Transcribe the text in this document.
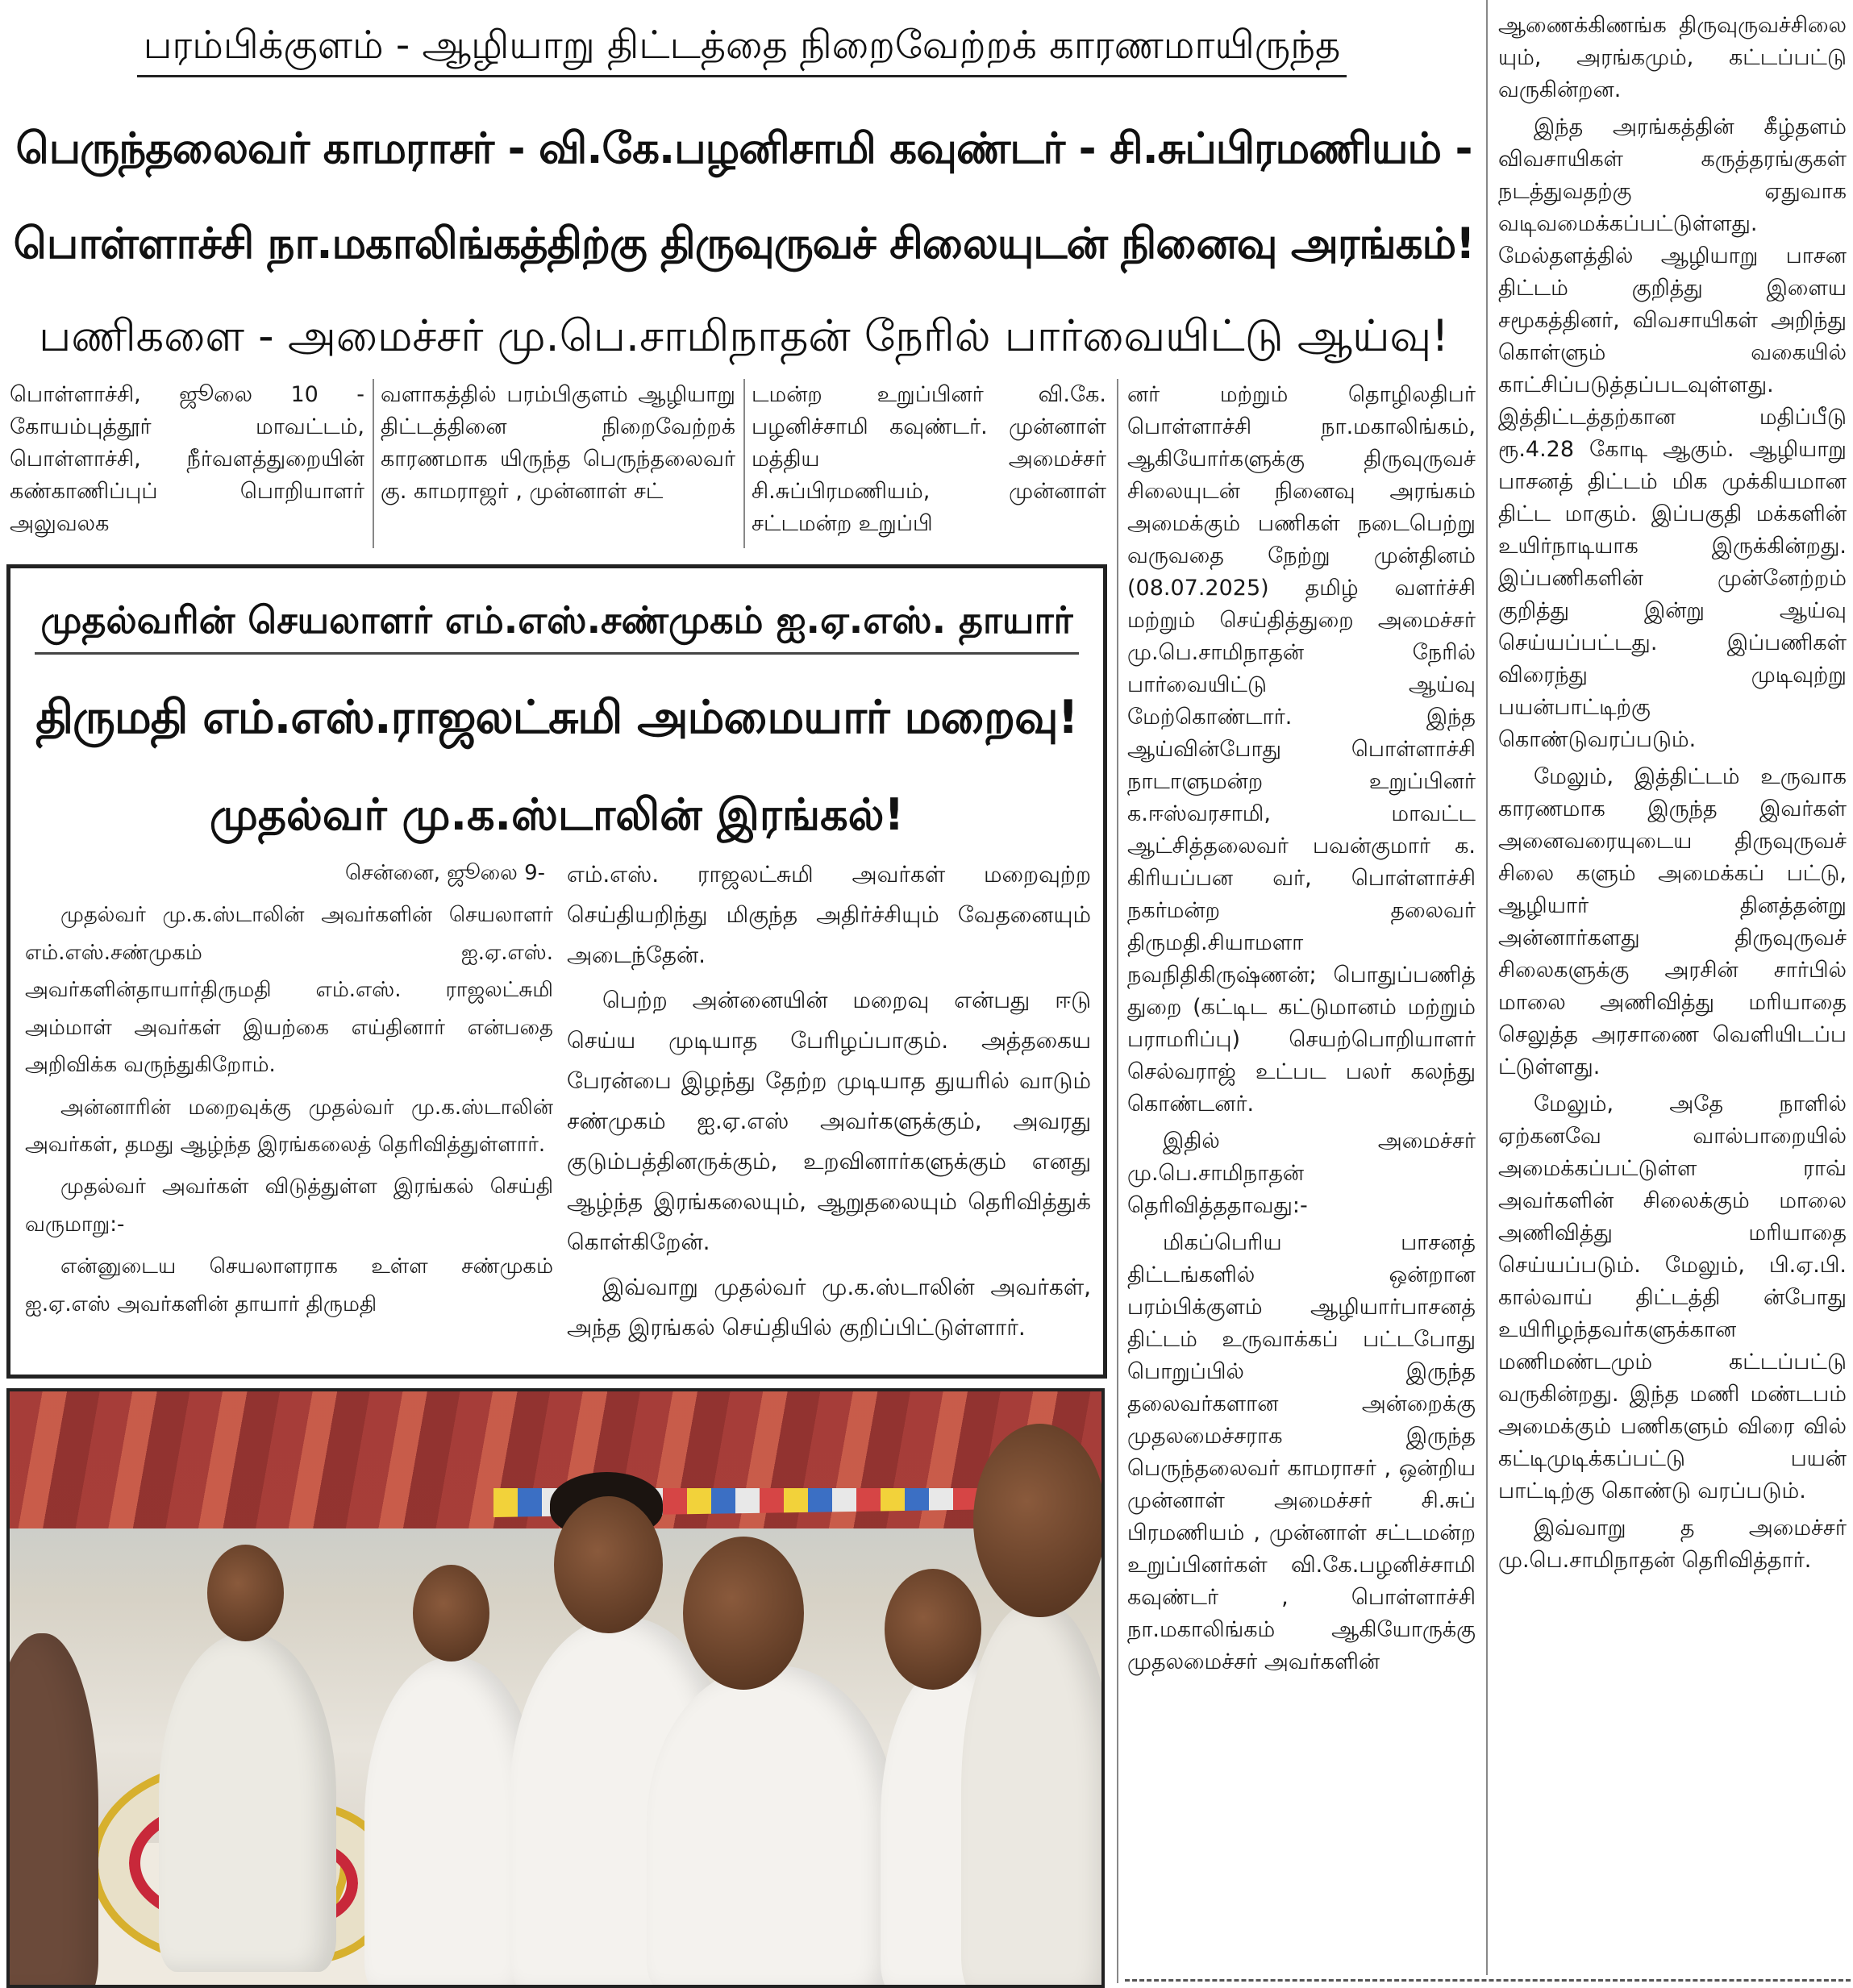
பரம்பிக்குளம் - ஆழியாறு திட்டத்தை நிறைவேற்றக் காரணமாயிருந்த
பெருந்தலைவர் காமராசர் - வி.கே.பழனிசாமி கவுண்டர் - சி.சுப்பிரமணியம் -
பொள்ளாச்சி நா.மகாலிங்கத்திற்கு திருவுருவச் சிலையுடன் நினைவு அரங்கம்!
பணிகளை - அமைச்சர் மு.பெ.சாமிநாதன் நேரில் பார்வையிட்டு ஆய்வு!

பொள்ளாச்சி, ஜூலை 10 - கோயம்புத்தூர் மாவட்டம், பொள்ளாச்சி, நீர்வளத்துறையின் கண்காணிப்புப் பொறியாளர் அலுவலக

வளாகத்தில் பரம்பிகுளம் ஆழியாறு திட்டத்தினை நிறைவேற்றக் காரணமாக யிருந்த பெருந்தலைவர் கு. காமராஜர் , முன்னாள் சட்

டமன்ற உறுப்பினர் வி.கே. பழனிச்சாமி கவுண்டர். முன்னாள் மத்திய அமைச்சர் சி.சுப்பிரமணியம், முன்னாள் சட்டமன்ற உறுப்பி

னர் மற்றும் தொழிலதிபர் பொள்ளாச்சி நா.மகாலிங்கம், ஆகியோர்களுக்கு திருவுருவச் சிலையுடன் நினைவு அரங்கம் அமைக்கும் பணிகள் நடைபெற்று வருவதை நேற்று முன்தினம் (08.07.2025) தமிழ் வளர்ச்சி மற்றும் செய்தித்துறை அமைச்சர் மு.பெ.சாமிநாதன் நேரில் பார்வையிட்டு ஆய்வு மேற்கொண்டார். இந்த ஆய்வின்போது பொள்ளாச்சி நாடாளுமன்ற உறுப்பினர் க.ஈஸ்வரசாமி, மாவட்ட ஆட்சித்தலைவர் பவன்குமார் க. கிரியப்பன வர், பொள்ளாச்சி நகர்மன்ற தலைவர் திருமதி.சியாமளா நவநிதிகிருஷ்ணன்; பொதுப்பணித் துறை (கட்டிட கட்டுமானம் மற்றும் பராமரிப்பு) செயற்பொறியாளர் செல்வராஜ் உட்பட பலர் கலந்து கொண்டனர்.

இதில் அமைச்சர் மு.பெ.சாமிநாதன் தெரிவித்ததாவது:-

மிகப்பெரிய பாசனத் திட்டங்களில் ஒன்றான பரம்பிக்குளம் ஆழியார்பாசனத் திட்டம் உருவாக்கப் பட்டபோது பொறுப்பில் இருந்த தலைவர்களான அன்றைக்கு முதலமைச்சராக இருந்த பெருந்தலைவர் காமராசர் , ஒன்றிய முன்னாள் அமைச்சர் சி.சுப் பிரமணியம் , முன்னாள் சட்டமன்ற உறுப்பினர்கள் வி.கே.பழனிச்சாமி கவுண்டர் , பொள்ளாச்சி நா.மகாலிங்கம் ஆகியோருக்கு முதலமைச்சர் அவர்களின்

ஆணைக்கிணங்க திருவுருவச்சிலை யும், அரங்கமும், கட்டப்பட்டு வருகின்றன.

இந்த அரங்கத்தின் கீழ்தளம் விவசாயிகள் கருத்தரங்குகள் நடத்துவதற்கு ஏதுவாக வடிவமைக்கப்பட்டுள்ளது. மேல்தளத்தில் ஆழியாறு பாசன திட்டம் குறித்து இளைய சமூகத்தினர், விவசாயிகள் அறிந்து கொள்ளும் வகையில் காட்சிப்படுத்தப்படவுள்ளது. இத்திட்டத்தற்கான மதிப்பீடு ரூ.4.28 கோடி ஆகும். ஆழியாறு பாசனத் திட்டம் மிக முக்கியமான திட்ட மாகும். இப்பகுதி மக்களின் உயிர்நாடியாக இருக்கின்றது. இப்பணிகளின் முன்னேற்றம் குறித்து இன்று ஆய்வு செய்யப்பட்டது. இப்பணிகள் விரைந்து முடிவுற்று பயன்பாட்டிற்கு கொண்டுவரப்படும்.

மேலும், இத்திட்டம் உருவாக காரணமாக இருந்த இவர்கள் அனைவரையுடைய திருவுருவச் சிலை களும் அமைக்கப் பட்டு, ஆழியார் தினத்தன்று அன்னார்களது திருவுருவச் சிலைகளுக்கு அரசின் சார்பில் மாலை அணிவித்து மரியாதை செலுத்த அரசாணை வெளியிடப்ப ட்டுள்ளது.

மேலும், அதே நாளில் ஏற்கனவே வால்பாறையில் அமைக்கப்பட்டுள்ள ராவ் அவர்களின் சிலைக்கும் மாலை அணிவித்து மரியாதை செய்யப்படும். மேலும், பி.ஏ.பி. கால்வாய் திட்டத்தி ன்போது உயிரிழந்தவர்களுக்கான மணிமண்டமும் கட்டப்பட்டு வருகின்றது. இந்த மணி மண்டபம் அமைக்கும் பணிகளும் விரை வில் கட்டிமுடிக்கப்பட்டு பயன் பாட்டிற்கு கொண்டு வரப்படும்.

இவ்வாறு த அமைச்சர் மு.பெ.சாமிநாதன் தெரிவித்தார்.

முதல்வரின் செயலாளர் எம்.எஸ்.சண்முகம் ஐ.ஏ.எஸ். தாயார்
திருமதி எம்.எஸ்.ராஜலட்சுமி அம்மையார் மறைவு!
முதல்வர் மு.க.ஸ்டாலின் இரங்கல்!

சென்னை, ஜூலை 9-

முதல்வர் மு.க.ஸ்டாலின் அவர்களின் செயலாளர் எம்.எஸ்.சண்முகம் ஐ.ஏ.எஸ். அவர்களின்தாயார்திருமதி எம்.எஸ். ராஜலட்சுமி அம்மாள் அவர்கள் இயற்கை எய்தினார் என்பதை அறிவிக்க வருந்துகிறோம்.

அன்னாரின் மறைவுக்கு முதல்வர் மு.க.ஸ்டாலின் அவர்கள், தமது ஆழ்ந்த இரங்கலைத் தெரிவித்துள்ளார்.

முதல்வர் அவர்கள் விடுத்துள்ள இரங்கல் செய்தி வருமாறு:-

என்னுடைய செயலாளராக உள்ள சண்முகம் ஐ.ஏ.எஸ் அவர்களின் தாயார் திருமதி

எம்.எஸ். ராஜலட்சுமி அவர்கள் மறைவுற்ற செய்தியறிந்து மிகுந்த அதிர்ச்சியும் வேதனையும் அடைந்தேன்.

பெற்ற அன்னையின் மறைவு என்பது ஈடு செய்ய முடியாத பேரிழப்பாகும். அத்தகைய பேரன்பை இழந்து தேற்ற முடியாத துயரில் வாடும் சண்முகம் ஐ.ஏ.எஸ் அவர்களுக்கும், அவரது குடும்பத்தினருக்கும், உறவினார்களுக்கும் எனது ஆழ்ந்த இரங்கலையும், ஆறுதலையும் தெரிவித்துக் கொள்கிறேன்.

இவ்வாறு முதல்வர் மு.க.ஸ்டாலின் அவர்கள், அந்த இரங்கல் செய்தியில் குறிப்பிட்டுள்ளார்.
